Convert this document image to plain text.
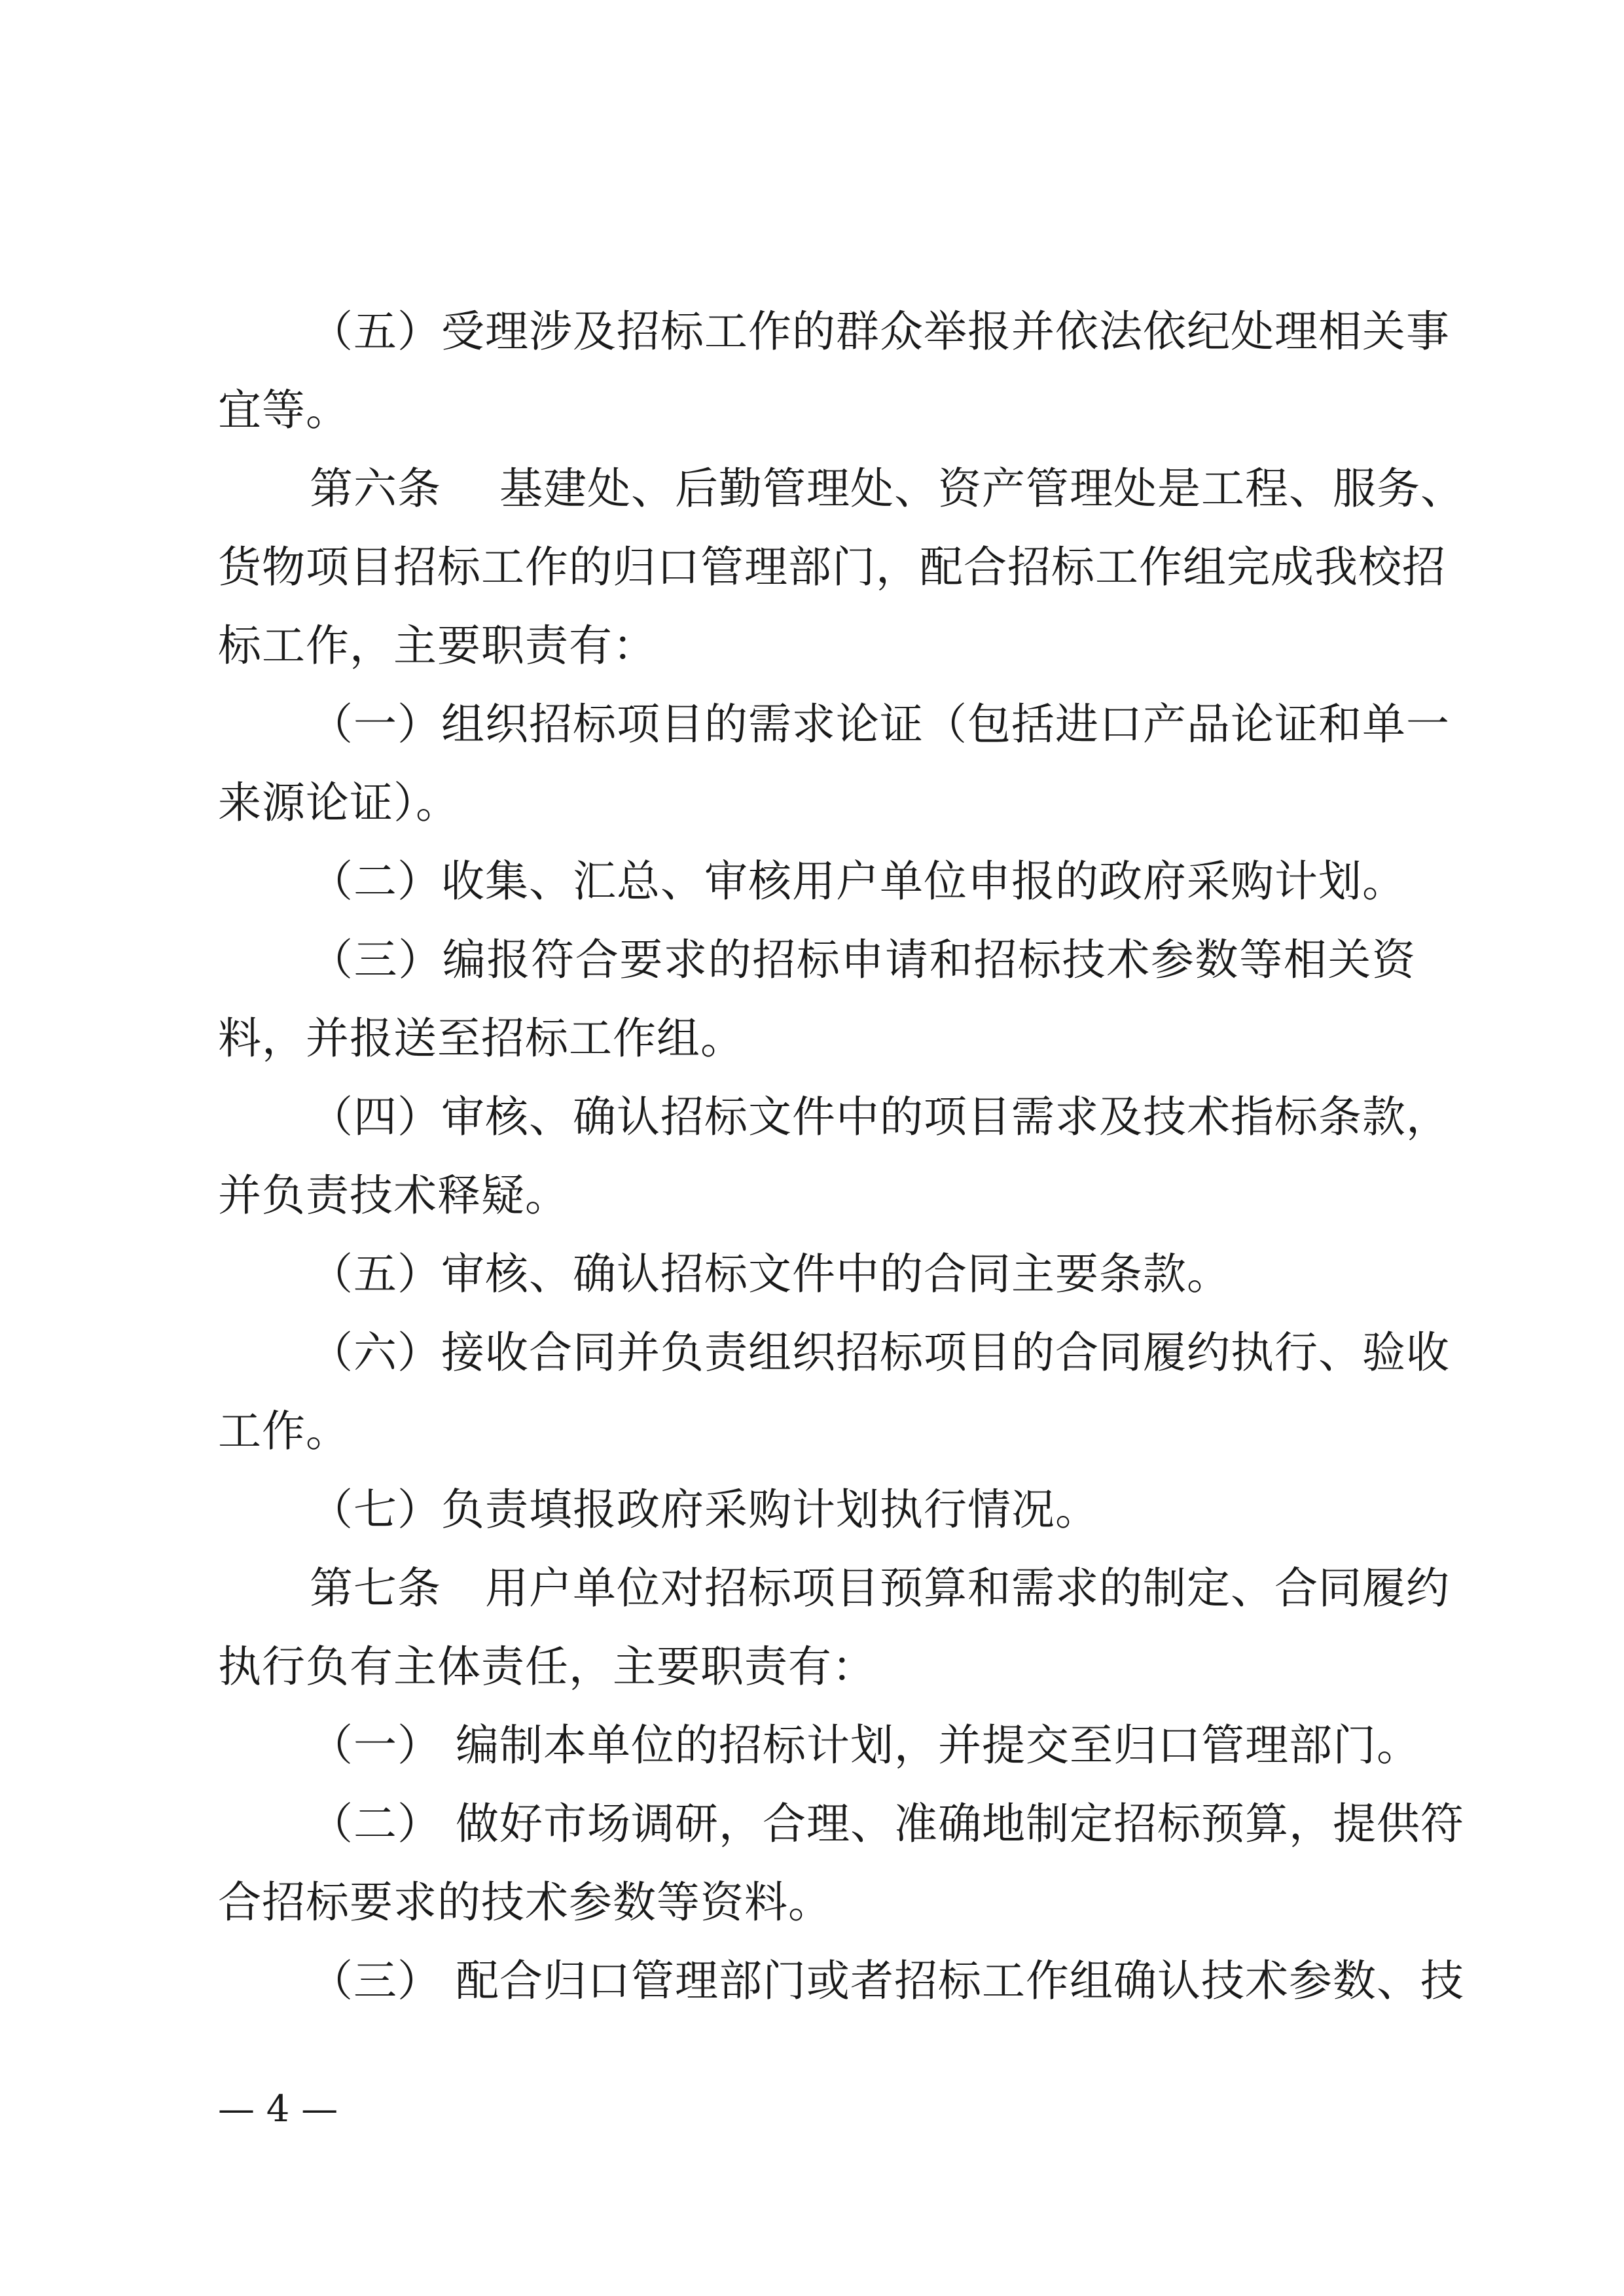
（五）受理涉及招标工作的群众举报并依法依纪处理相关事
宜等。
第六条　 基建处、后勤管理处、资产管理处是工程、服务、
货物项目招标工作的归口管理部门，配合招标工作组完成我校招
标工作，主要职责有：
（一）组织招标项目的需求论证（包括进口产品论证和单一
来源论证）。
（二）收集、汇总、审核用户单位申报的政府采购计划。
（三）编报符合要求的招标申请和招标技术参数等相关资
料，并报送至招标工作组。
（四）审核、确认招标文件中的项目需求及技术指标条款，
并负责技术释疑。
（五）审核、确认招标文件中的合同主要条款。
（六）接收合同并负责组织招标项目的合同履约执行、验收
工作。
（七）负责填报政府采购计划执行情况。
第七条　用户单位对招标项目预算和需求的制定、合同履约
执行负有主体责任，主要职责有：
（一） 编制本单位的招标计划，并提交至归口管理部门。
（二） 做好市场调研，合理、准确地制定招标预算，提供符
合招标要求的技术参数等资料。
（三） 配合归口管理部门或者招标工作组确认技术参数、技
— 4 —
